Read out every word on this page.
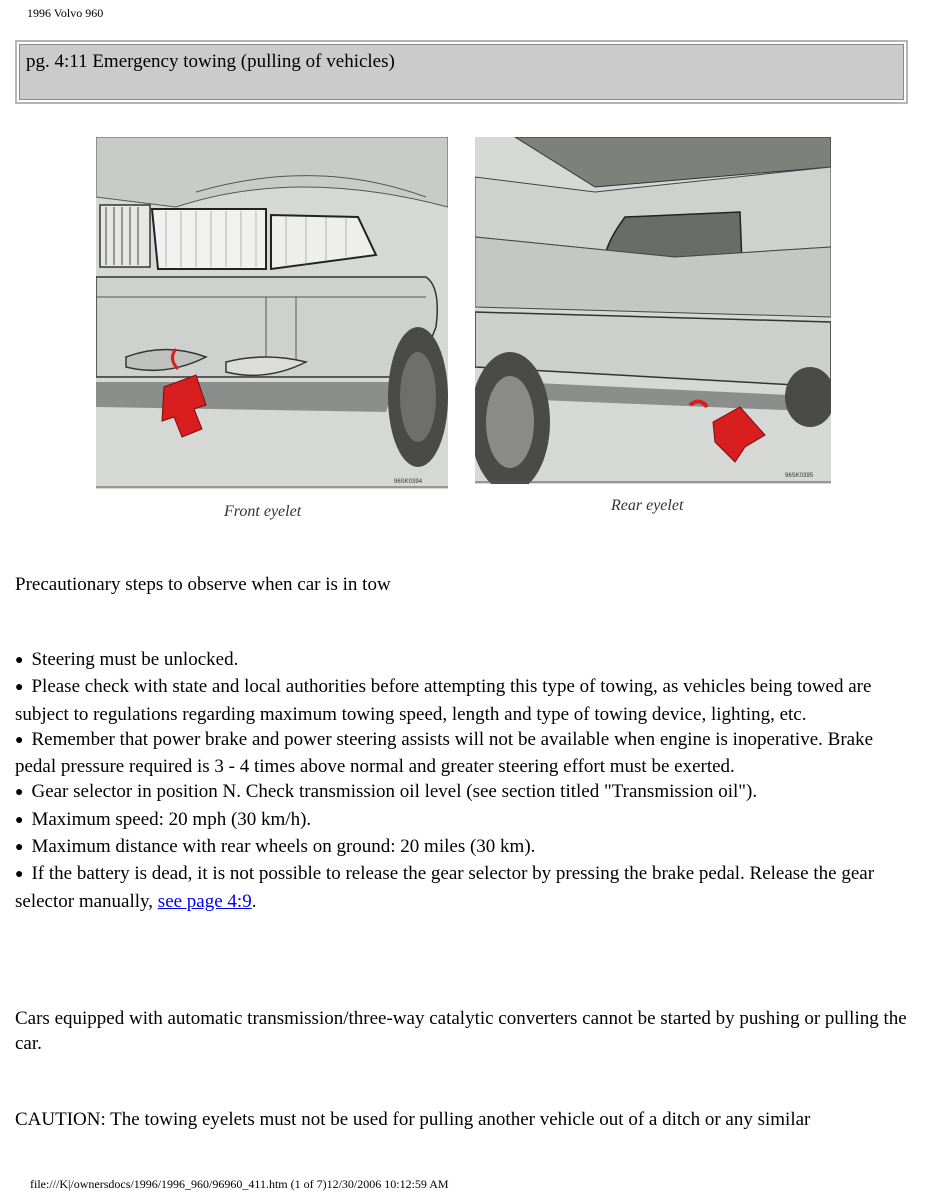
1996 Volvo 960
pg. 4:11 Emergency towing (pulling of vehicles)
96SK0394
Front eyelet
96SK0395
Rear eyelet
Precautionary steps to observe when car is in tow
● Steering must be unlocked.
● Please check with state and local authorities before attempting this type of towing, as vehicles being towed are subject to regulations regarding maximum towing speed, length and type of towing device, lighting, etc.
● Remember that power brake and power steering assists will not be available when engine is inoperative. Brake pedal pressure required is 3 - 4 times above normal and greater steering effort must be exerted.
● Gear selector in position N. Check transmission oil level (see section titled "Transmission oil").
● Maximum speed: 20 mph (30 km/h).
● Maximum distance with rear wheels on ground: 20 miles (30 km).
● If the battery is dead, it is not possible to release the gear selector by pressing the brake pedal. Release the gear selector manually, see page 4:9.
Cars equipped with automatic transmission/three-way catalytic converters cannot be started by pushing or pulling the car.
CAUTION: The towing eyelets must not be used for pulling another vehicle out of a ditch or any similar
file:///K|/ownersdocs/1996/1996_960/96960_411.htm (1 of 7)12/30/2006 10:12:59 AM
